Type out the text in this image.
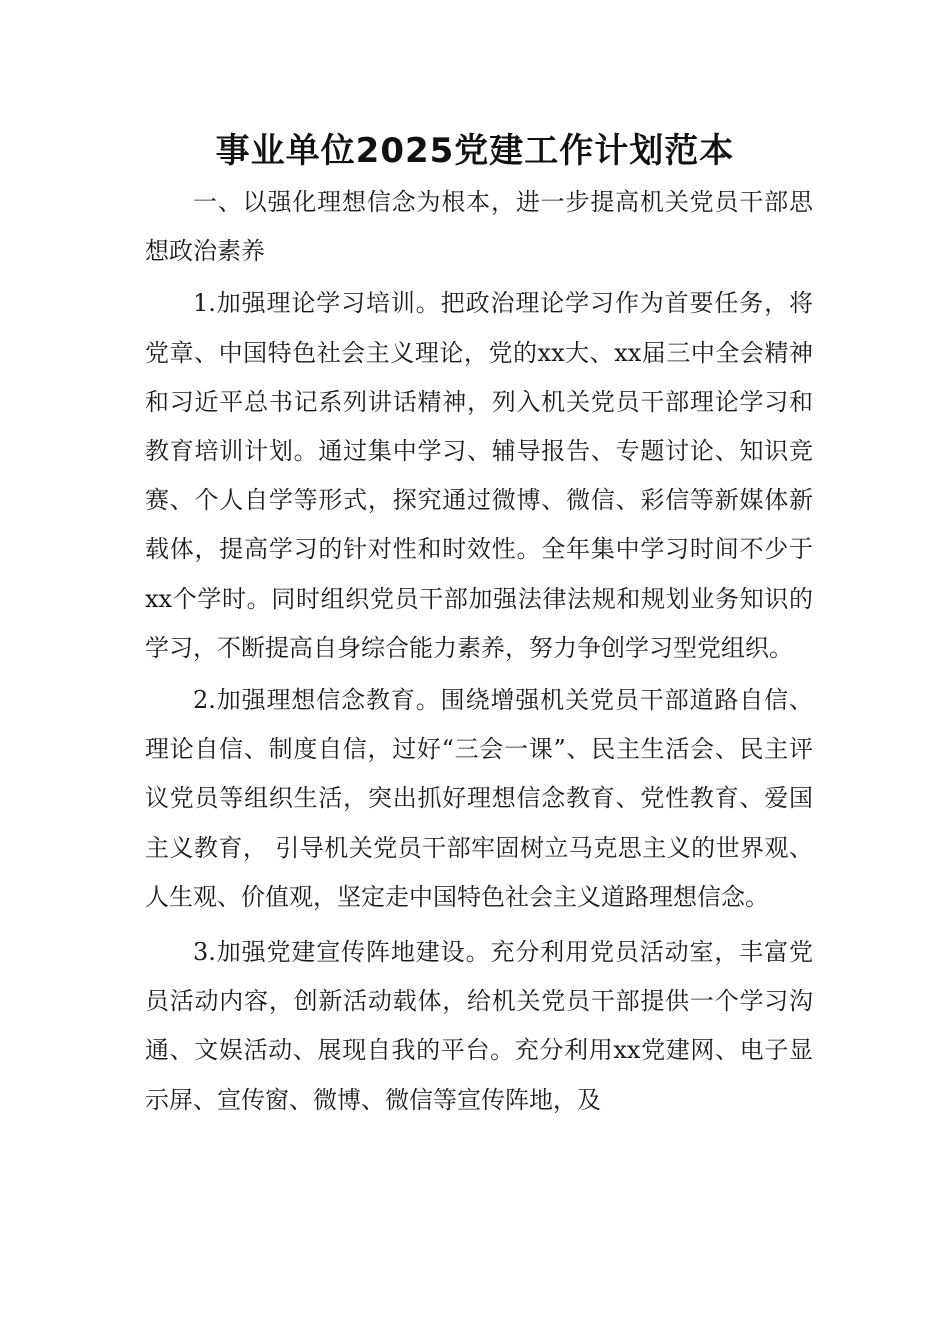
事业单位2025党建工作计划范本

一、以强化理想信念为根本，进一步提高机关党员干部思想政治素养

1.加强理论学习培训。把政治理论学习作为首要任务，将党章、中国特色社会主义理论，党的xx大、xx届三中全会精神和习近平总书记系列讲话精神，列入机关党员干部理论学习和教育培训计划。通过集中学习、辅导报告、专题讨论、知识竞赛、个人自学等形式，探究通过微博、微信、彩信等新媒体新载体，提高学习的针对性和时效性。全年集中学习时间不少于xx个学时。同时组织党员干部加强法律法规和规划业务知识的学习，不断提高自身综合能力素养，努力争创学习型党组织。

2.加强理想信念教育。围绕增强机关党员干部道路自信、理论自信、制度自信，过好“三会一课”、民主生活会、民主评议党员等组织生活，突出抓好理想信念教育、党性教育、爱国主义教育， 引导机关党员干部牢固树立马克思主义的世界观、人生观、价值观，坚定走中国特色社会主义道路理想信念。

3.加强党建宣传阵地建设。充分利用党员活动室，丰富党员活动内容，创新活动载体，给机关党员干部提供一个学习沟通、文娱活动、展现自我的平台。充分利用xx党建网、电子显示屏、宣传窗、微博、微信等宣传阵地，及
